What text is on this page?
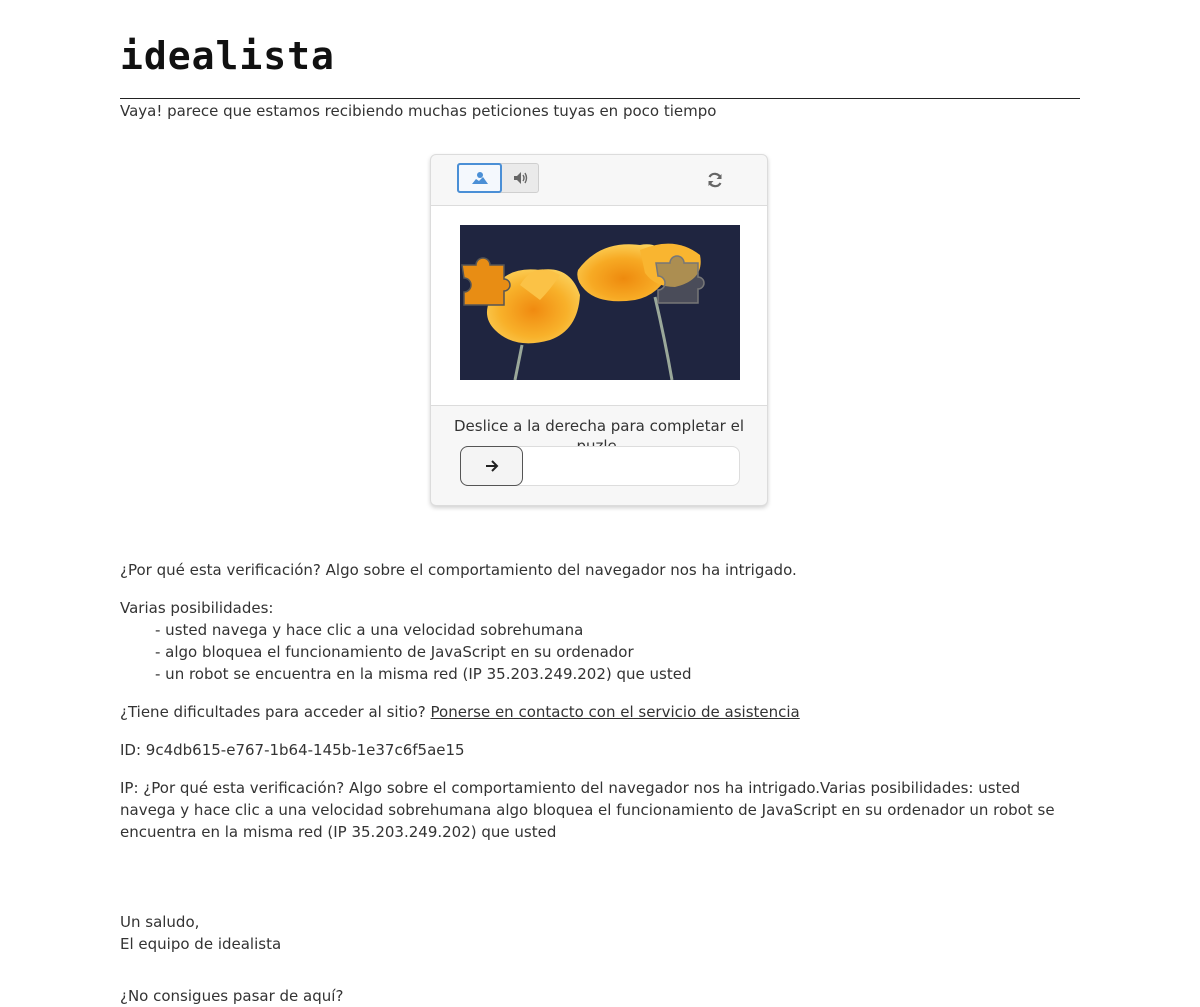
idealista
Vaya! parece que estamos recibiendo muchas peticiones tuyas en poco tiempo
Deslice a la derecha para completar el
¿Por qué esta verificación? Algo sobre el comportamiento del navegador nos ha intrigado.
Varias posibilidades:
- usted navega y hace clic a una velocidad sobrehumana
- algo bloquea el funcionamiento de JavaScript en su ordenador
- un robot se encuentra en la misma red (IP 35.203.249.202) que usted
¿Tiene dificultades para acceder al sitio? Ponerse en contacto con el servicio de asistencia
ID: 9c4db615-e767-1b64-145b-1e37c6f5ae15
IP: ¿Por qué esta verificación? Algo sobre el comportamiento del navegador nos ha intrigado.Varias posibilidades: usted navega y hace clic a una velocidad sobrehumana algo bloquea el funcionamiento de JavaScript en su ordenador un robot se encuentra en la misma red (IP 35.203.249.202) que usted
Un saludo,
El equipo de idealista
¿No consigues pasar de aquí?
